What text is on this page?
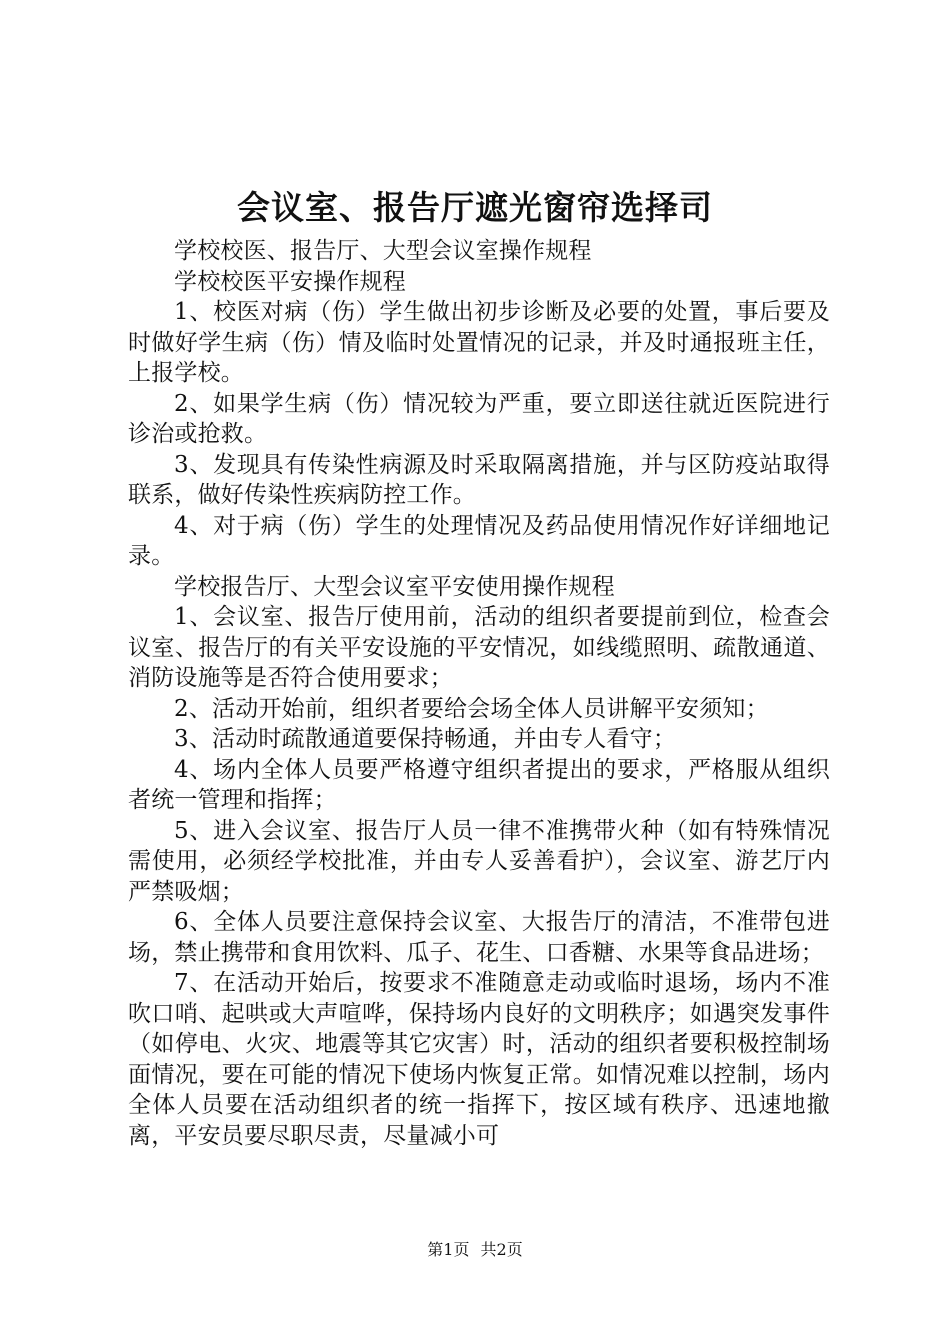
会议室、报告厅遮光窗帘选择司

学校校医、报告厅、大型会议室操作规程

学校校医平安操作规程

1、校医对病（伤）学生做出初步诊断及必要的处置，事后要及时做好学生病（伤）情及临时处置情况的记录，并及时通报班主任，上报学校。

2、如果学生病（伤）情况较为严重，要立即送往就近医院进行诊治或抢救。

3、发现具有传染性病源及时采取隔离措施，并与区防疫站取得联系，做好传染性疾病防控工作。

4、对于病（伤）学生的处理情况及药品使用情况作好详细地记录。

学校报告厅、大型会议室平安使用操作规程

1、会议室、报告厅使用前，活动的组织者要提前到位，检查会议室、报告厅的有关平安设施的平安情况，如线缆照明、疏散通道、消防设施等是否符合使用要求；

2、活动开始前，组织者要给会场全体人员讲解平安须知；

3、活动时疏散通道要保持畅通，并由专人看守；

4、场内全体人员要严格遵守组织者提出的要求，严格服从组织者统一管理和指挥；

5、进入会议室、报告厅人员一律不准携带火种（如有特殊情况需使用，必须经学校批准，并由专人妥善看护），会议室、游艺厅内严禁吸烟；

6、全体人员要注意保持会议室、大报告厅的清洁，不准带包进场，禁止携带和食用饮料、瓜子、花生、口香糖、水果等食品进场；

7、在活动开始后，按要求不准随意走动或临时退场，场内不准吹口哨、起哄或大声喧哗，保持场内良好的文明秩序；如遇突发事件（如停电、火灾、地震等其它灾害）时，活动的组织者要积极控制场面情况，要在可能的情况下使场内恢复正常。如情况难以控制，场内全体人员要在活动组织者的统一指挥下，按区域有秩序、迅速地撤离，平安员要尽职尽责，尽量减小可

第1页 共2页
